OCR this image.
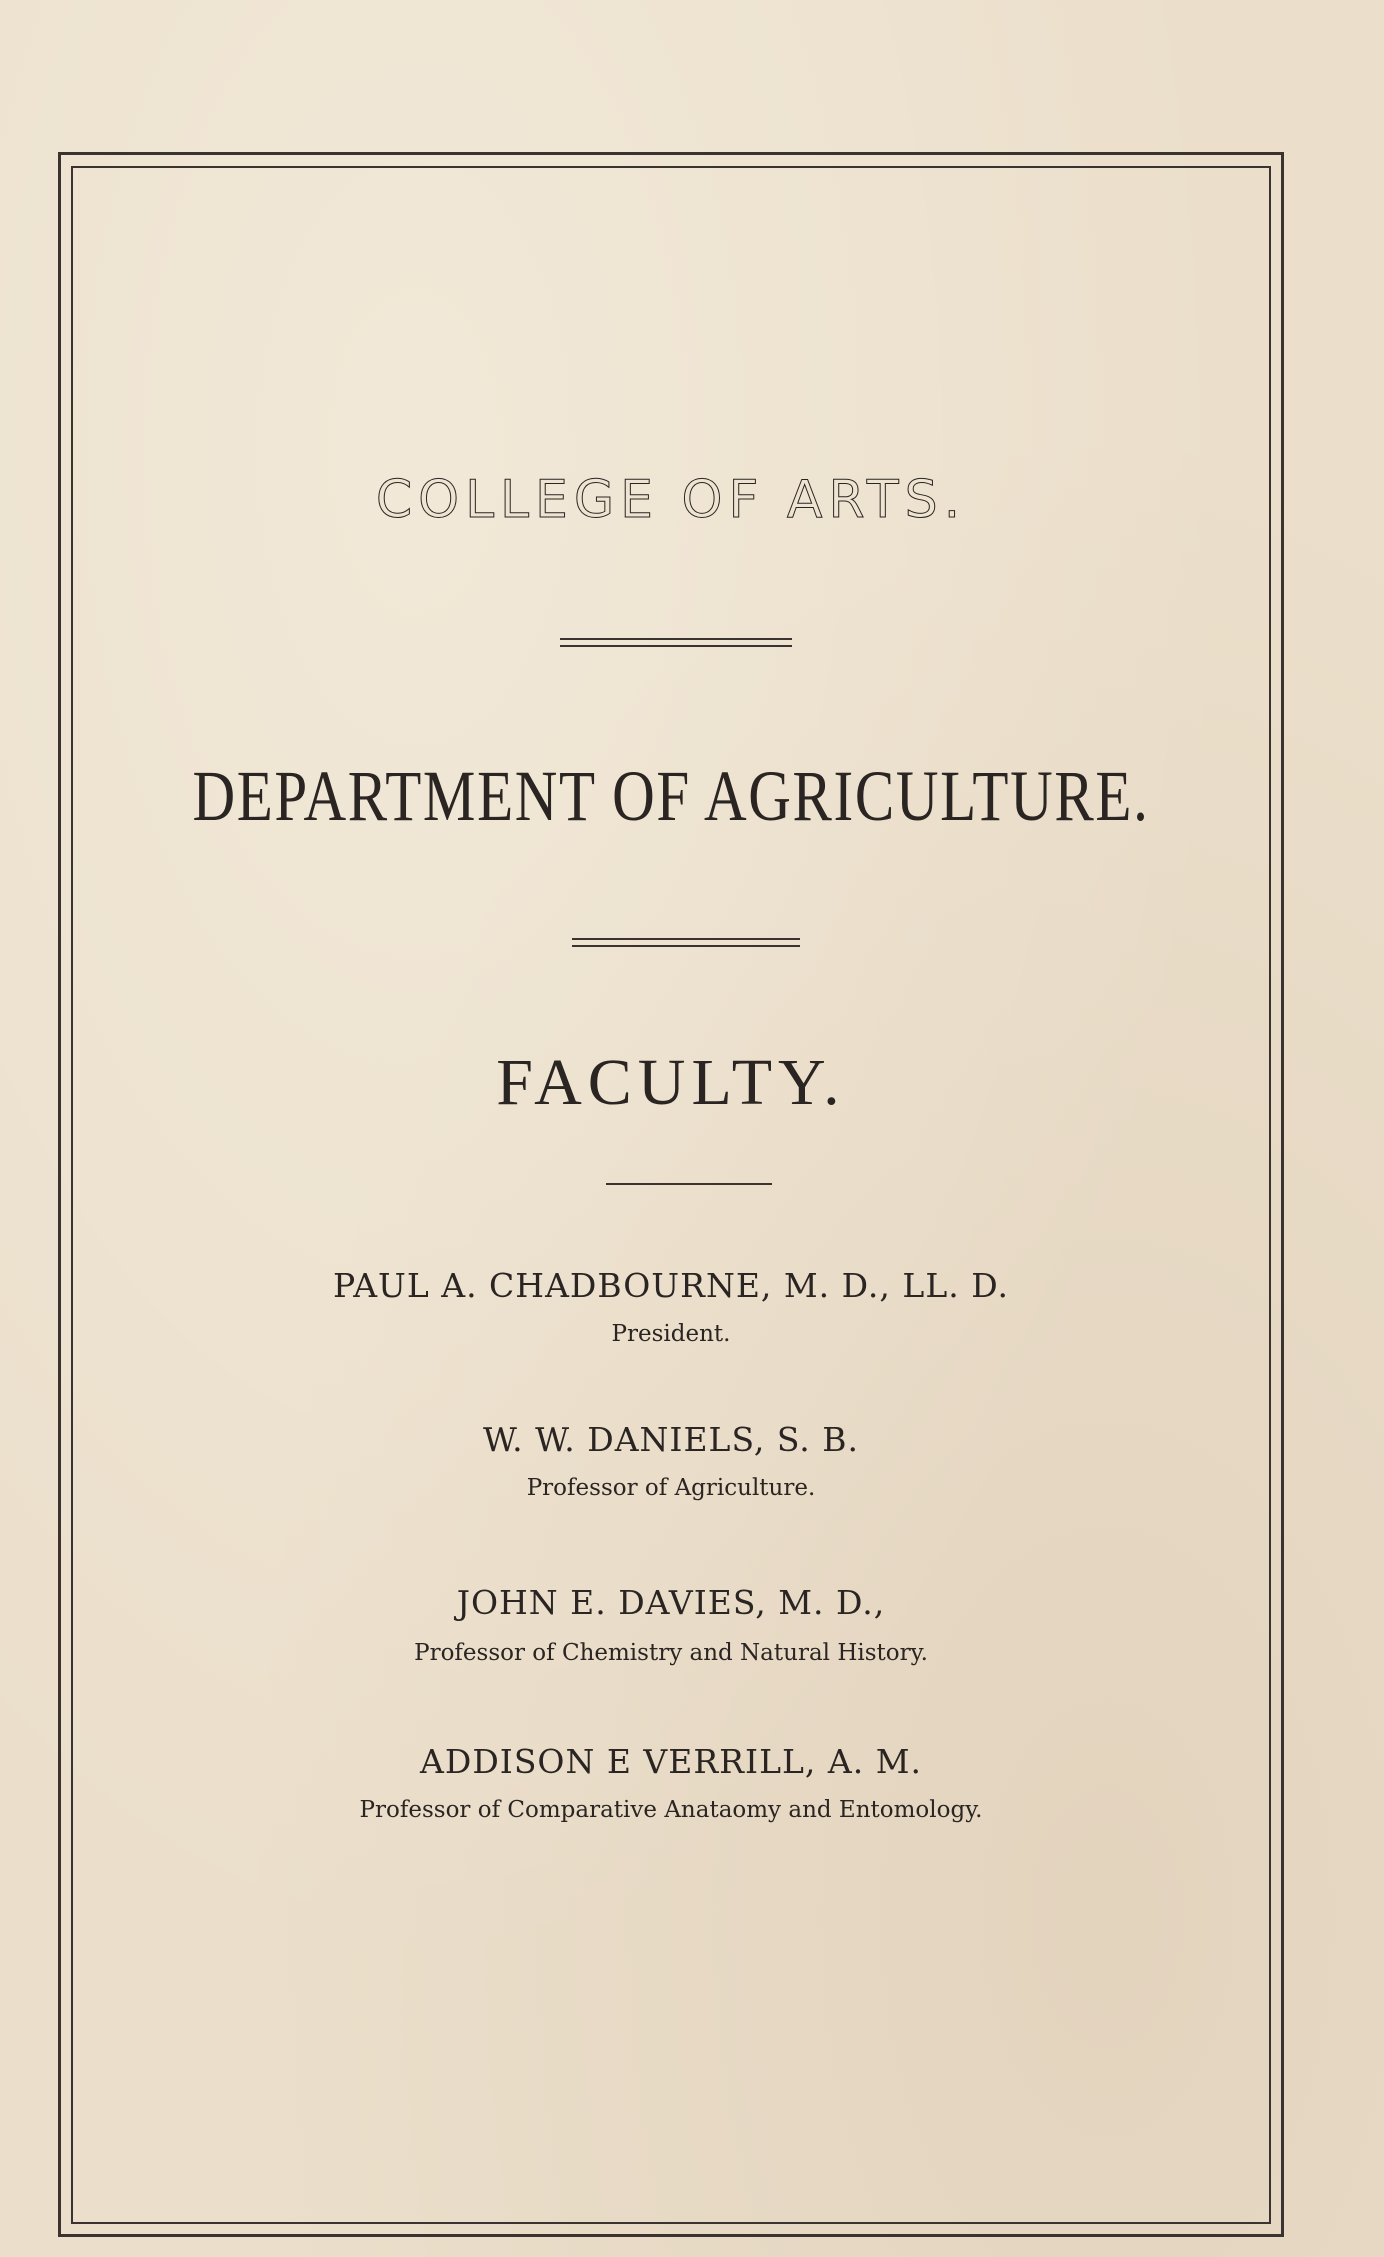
COLLEGE OF ARTS.
DEPARTMENT OF AGRICULTURE.
FACULTY.
PAUL A. CHADBOURNE, M. D., LL. D.
President.
W. W. DANIELS, S. B.
Professor of Agriculture.
JOHN E. DAVIES, M. D.,
Professor of Chemistry and Natural History.
ADDISON E VERRILL, A. M.
Professor of Comparative Anataomy and Entomology.
